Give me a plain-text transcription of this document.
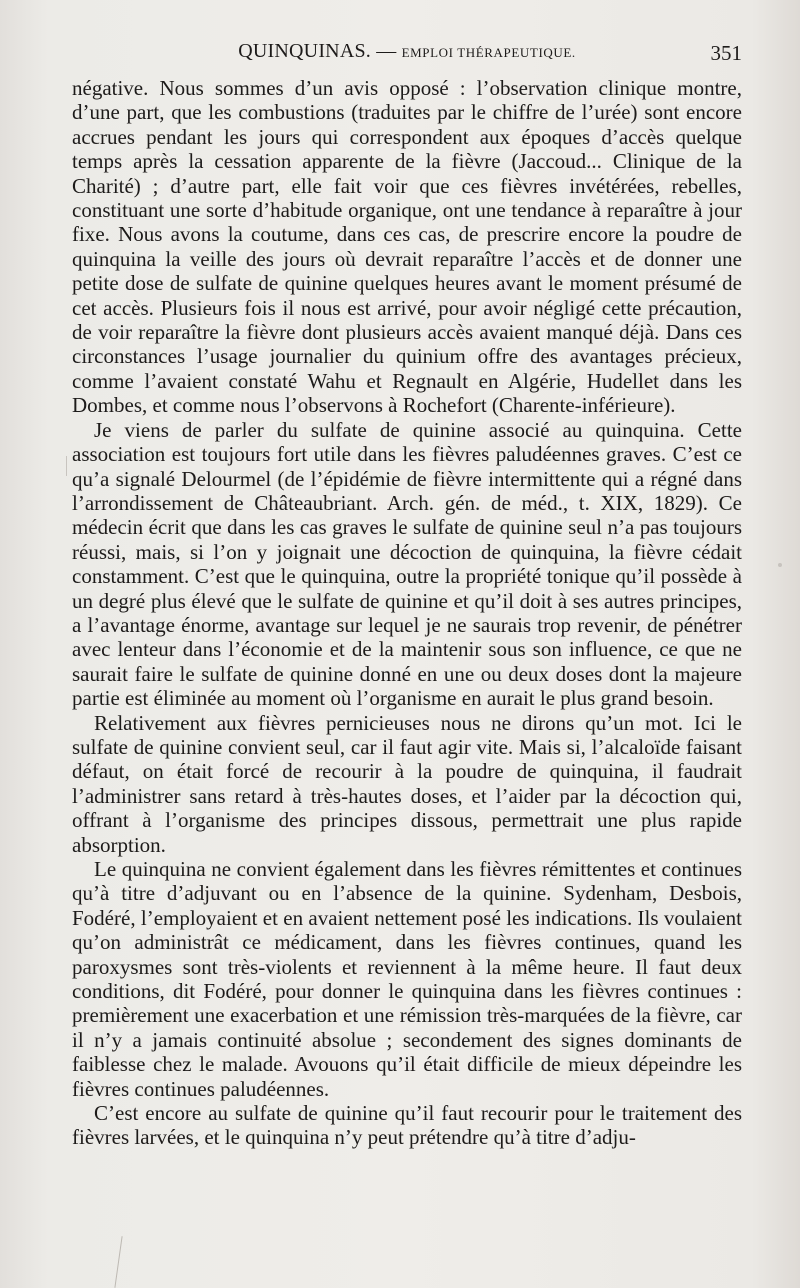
QUINQUINAS. — EMPLOI THÉRAPEUTIQUE.	351

négative. Nous sommes d’un avis opposé : l’observation clinique montre, d’une part, que les combustions (traduites par le chiffre de l’urée) sont encore accrues pendant les jours qui correspondent aux époques d’accès quelque temps après la cessation apparente de la fièvre (Jaccoud... Clinique de la Charité) ; d’autre part, elle fait voir que ces fièvres invétérées, rebelles, constituant une sorte d’habitude organique, ont une tendance à reparaître à jour fixe. Nous avons la coutume, dans ces cas, de prescrire encore la poudre de quinquina la veille des jours où devrait reparaître l’accès et de donner une petite dose de sulfate de quinine quelques heures avant le moment présumé de cet accès. Plusieurs fois il nous est arrivé, pour avoir négligé cette précaution, de voir reparaître la fièvre dont plusieurs accès avaient manqué déjà. Dans ces circonstances l’usage journalier du quinium offre des avantages précieux, comme l’avaient constaté Wahu et Regnault en Algérie, Hudellet dans les Dombes, et comme nous l’observons à Rochefort (Charente-inférieure).

Je viens de parler du sulfate de quinine associé au quinquina. Cette association est toujours fort utile dans les fièvres paludéennes graves. C’est ce qu’a signalé Delourmel (de l’épidémie de fièvre intermittente qui a régné dans l’arrondissement de Châteaubriant. Arch. gén. de méd., t. XIX, 1829). Ce médecin écrit que dans les cas graves le sulfate de quinine seul n’a pas toujours réussi, mais, si l’on y joignait une décoction de quinquina, la fièvre cédait constamment. C’est que le quinquina, outre la propriété tonique qu’il possède à un degré plus élevé que le sulfate de quinine et qu’il doit à ses autres principes, a l’avantage énorme, avantage sur lequel je ne saurais trop revenir, de pénétrer avec lenteur dans l’économie et de la maintenir sous son influence, ce que ne saurait faire le sulfate de quinine donné en une ou deux doses dont la majeure partie est éliminée au moment où l’organisme en aurait le plus grand besoin.

Relativement aux fièvres pernicieuses nous ne dirons qu’un mot. Ici le sulfate de quinine convient seul, car il faut agir vite. Mais si, l’alcaloïde faisant défaut, on était forcé de recourir à la poudre de quinquina, il faudrait l’administrer sans retard à très-hautes doses, et l’aider par la décoction qui, offrant à l’organisme des principes dissous, permettrait une plus rapide absorption.

Le quinquina ne convient également dans les fièvres rémittentes et continues qu’à titre d’adjuvant ou en l’absence de la quinine. Sydenham, Desbois, Fodéré, l’employaient et en avaient nettement posé les indications. Ils voulaient qu’on administrât ce médicament, dans les fièvres continues, quand les paroxysmes sont très-violents et reviennent à la même heure. Il faut deux conditions, dit Fodéré, pour donner le quinquina dans les fièvres continues : premièrement une exacerbation et une rémission très-marquées de la fièvre, car il n’y a jamais continuité absolue ; secondement des signes dominants de faiblesse chez le malade. Avouons qu’il était difficile de mieux dépeindre les fièvres continues paludéennes.

C’est encore au sulfate de quinine qu’il faut recourir pour le traitement des fièvres larvées, et le quinquina n’y peut prétendre qu’à titre d’adju-
